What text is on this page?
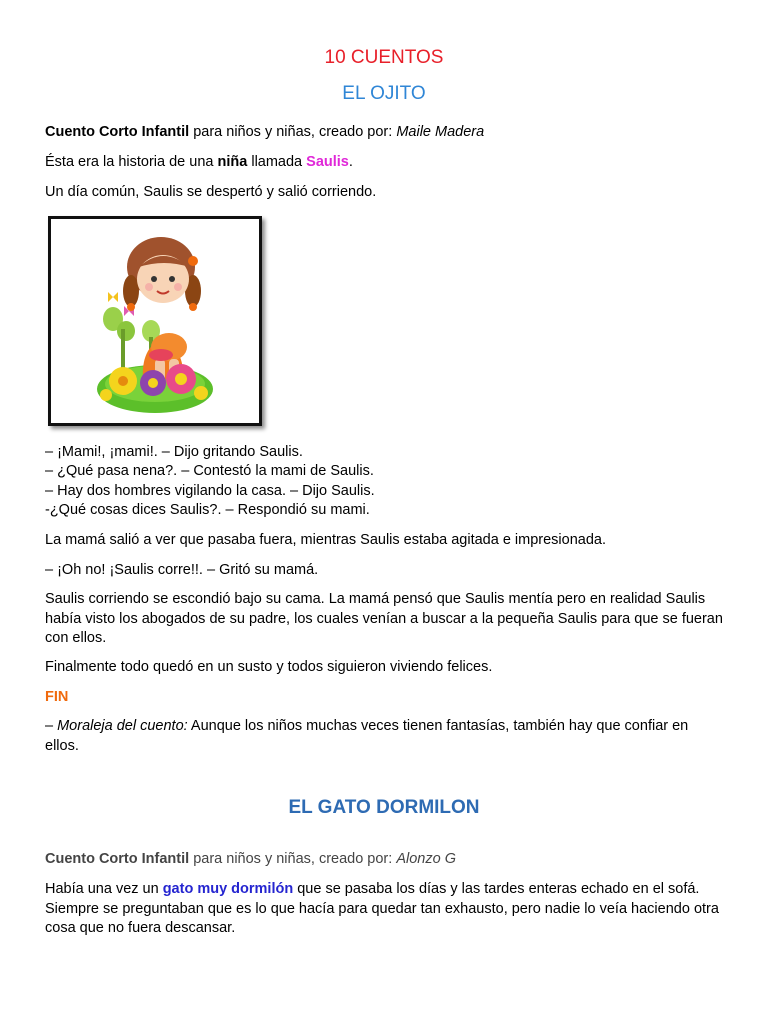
10 CUENTOS
EL OJITO

Cuento Corto Infantil para niños y niñas, creado por: Maile Madera

Ésta era la historia de una niña llamada Saulis.

Un día común, Saulis se despertó y salió corriendo.

– ¡Mami!, ¡mami!. – Dijo gritando Saulis.

– ¿Qué pasa nena?. – Contestó la mami de Saulis.

– Hay dos hombres vigilando la casa. – Dijo Saulis.

-¿Qué cosas dices Saulis?. – Respondió su mami.

La mamá salió a ver que pasaba fuera, mientras Saulis estaba agitada e impresionada.

– ¡Oh no! ¡Saulis corre!!. – Gritó su mamá.

Saulis corriendo se escondió bajo su cama. La mamá pensó que Saulis mentía pero en realidad Saulis había visto los abogados de su padre, los cuales venían a buscar a la pequeña Saulis para que se fueran con ellos.

Finalmente todo quedó en un susto y todos siguieron viviendo felices.

FIN

– Moraleja del cuento: Aunque los niños muchas veces tienen fantasías, también hay que confiar en ellos.

EL GATO DORMILON

Cuento Corto Infantil para niños y niñas, creado por: Alonzo G

Había una vez un gato muy dormilón que se pasaba los días y las tardes enteras echado en el sofá. Siempre se preguntaban que es lo que hacía para quedar tan exhausto, pero nadie lo veía haciendo otra cosa que no fuera descansar.
